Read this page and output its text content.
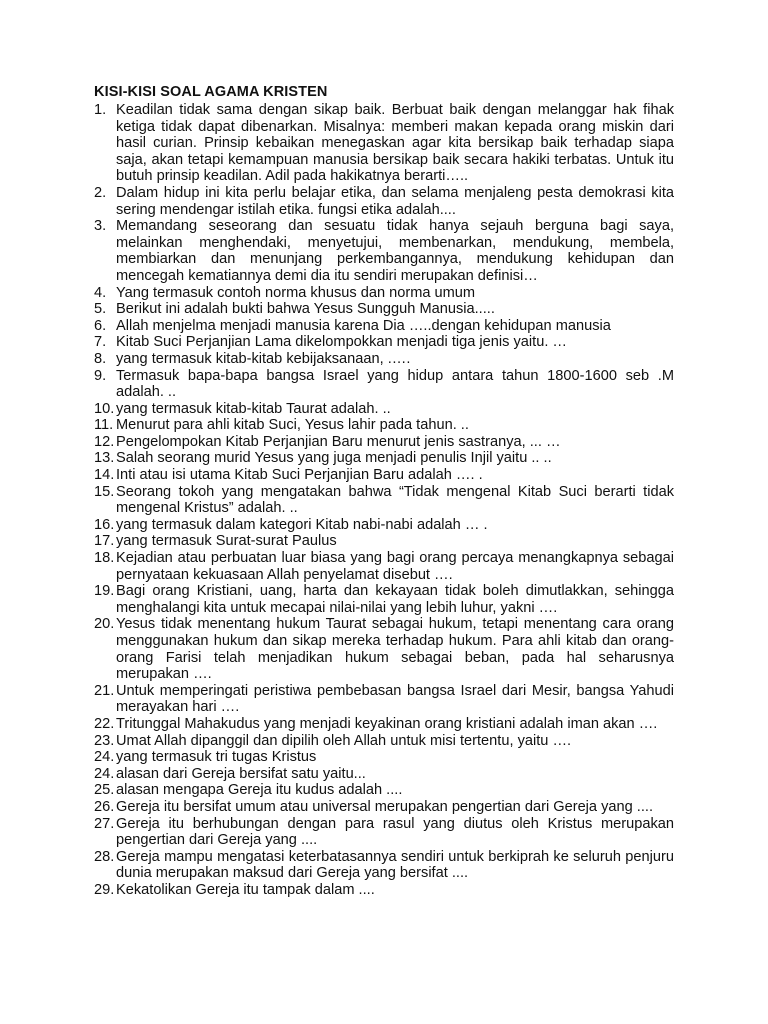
KISI-KISI SOAL AGAMA KRISTEN
1. Keadilan tidak sama dengan sikap baik. Berbuat baik dengan melanggar hak fihak ketiga tidak dapat dibenarkan. Misalnya: memberi makan kepada orang miskin dari hasil curian. Prinsip kebaikan menegaskan agar kita bersikap baik terhadap siapa saja, akan tetapi kemampuan manusia bersikap baik secara hakiki terbatas. Untuk itu butuh prinsip keadilan. Adil pada hakikatnya berarti…..
2. Dalam hidup ini kita perlu belajar etika, dan selama menjaleng pesta demokrasi kita sering mendengar istilah etika. fungsi etika adalah....
3. Memandang seseorang dan sesuatu tidak hanya sejauh berguna bagi saya, melainkan menghendaki, menyetujui, membenarkan, mendukung, membela, membiarkan dan menunjang perkembangannya, mendukung kehidupan dan mencegah kematiannya demi dia itu sendiri merupakan definisi…
4. Yang termasuk contoh norma khusus dan norma umum
5. Berikut ini adalah bukti bahwa Yesus Sungguh Manusia.....
6. Allah menjelma menjadi manusia karena Dia …..dengan kehidupan manusia
7. Kitab Suci Perjanjian Lama dikelompokkan menjadi tiga jenis yaitu. …
8. yang termasuk kitab-kitab kebijaksanaan, .….
9. Termasuk bapa-bapa bangsa Israel yang hidup antara tahun 1800-1600 seb .M adalah. ..
10. yang termasuk kitab-kitab Taurat adalah. ..
11. Menurut para ahli kitab Suci, Yesus lahir pada tahun. ..
12. Pengelompokan Kitab Perjanjian Baru menurut jenis sastranya, ... …
13. Salah seorang murid Yesus yang juga menjadi penulis Injil yaitu .. ..
14. Inti atau isi utama Kitab Suci Perjanjian Baru adalah …. .
15. Seorang tokoh yang mengatakan bahwa “Tidak mengenal Kitab Suci berarti tidak mengenal Kristus” adalah. ..
16. yang termasuk dalam kategori Kitab nabi-nabi adalah … .
17. yang termasuk Surat-surat Paulus
18. Kejadian atau perbuatan luar biasa yang bagi orang percaya menangkapnya sebagai pernyataan kekuasaan Allah penyelamat disebut ….
19. Bagi orang Kristiani, uang, harta dan kekayaan tidak boleh dimutlakkan, sehingga menghalangi kita untuk mecapai nilai-nilai yang lebih luhur, yakni ….
20. Yesus tidak menentang hukum Taurat sebagai hukum, tetapi menentang cara orang menggunakan hukum dan sikap mereka terhadap hukum. Para ahli kitab dan orang-orang Farisi telah menjadikan hukum sebagai beban, pada hal seharusnya merupakan ….
21. Untuk memperingati peristiwa pembebasan bangsa Israel dari Mesir, bangsa Yahudi merayakan hari ….
22. Tritunggal Mahakudus yang menjadi keyakinan orang kristiani adalah iman akan ….
23. Umat Allah dipanggil dan dipilih oleh Allah untuk misi tertentu, yaitu ….
24. yang termasuk tri tugas Kristus
24. alasan dari Gereja bersifat satu yaitu...
25. alasan mengapa Gereja itu kudus adalah ....
26. Gereja itu bersifat umum atau universal merupakan pengertian dari Gereja yang ....
27. Gereja itu berhubungan dengan para rasul yang diutus oleh Kristus merupakan pengertian dari Gereja yang ....
28. Gereja mampu mengatasi keterbatasannya sendiri untuk berkiprah ke seluruh penjuru dunia merupakan maksud dari Gereja yang bersifat ....
29. Kekatolikan Gereja itu tampak dalam ....
